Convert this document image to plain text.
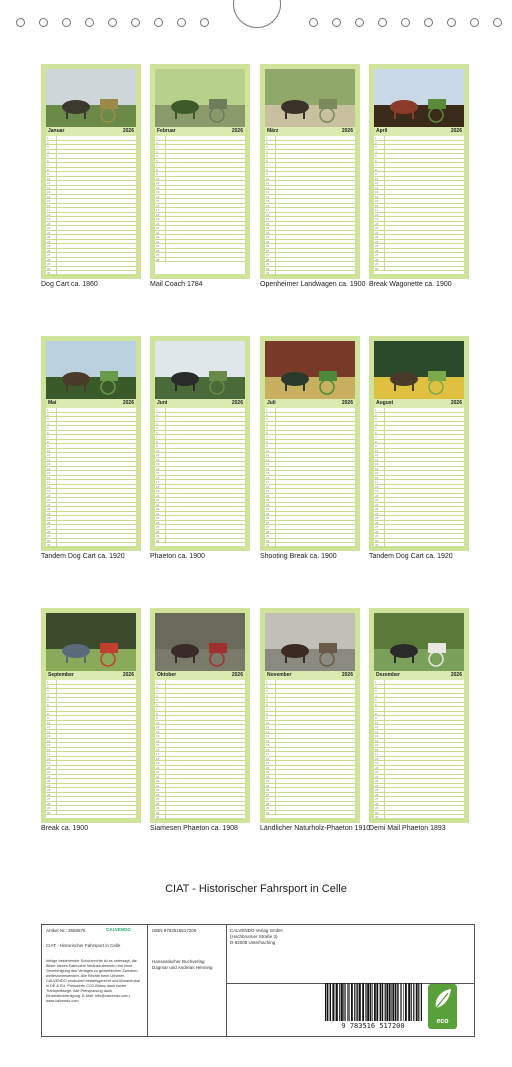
Januar	2026
1
2
3
4
5
6
7
8
9
10
11
12
13
14
15
16
17
18
19
20
21
22
23
24
25
26
27
28
29
30
31
Dog Cart ca. 1860
Februar	2026
1
2
3
4
5
6
7
8
9
10
11
12
13
14
15
16
17
18
19
20
21
22
23
24
25
26
27
28
Mail Coach 1784
März	2026
1
2
3
4
5
6
7
8
9
10
11
12
13
14
15
16
17
18
19
20
21
22
23
24
25
26
27
28
29
30
31
Openheimer Landwagen ca. 1900
April	2026
1
2
3
4
5
6
7
8
9
10
11
12
13
14
15
16
17
18
19
20
21
22
23
24
25
26
27
28
29
30
Break Wagonette ca. 1900
Mai	2026
1
2
3
4
5
6
7
8
9
10
11
12
13
14
15
16
17
18
19
20
21
22
23
24
25
26
27
28
29
30
31
Tandem Dog Cart ca. 1920
Juni	2026
1
2
3
4
5
6
7
8
9
10
11
12
13
14
15
16
17
18
19
20
21
22
23
24
25
26
27
28
29
30
Phaeton ca. 1900
Juli	2026
1
2
3
4
5
6
7
8
9
10
11
12
13
14
15
16
17
18
19
20
21
22
23
24
25
26
27
28
29
30
31
Shooting Break ca. 1900
August	2026
1
2
3
4
5
6
7
8
9
10
11
12
13
14
15
16
17
18
19
20
21
22
23
24
25
26
27
28
29
30
31
Tandem Dog Cart ca. 1920
September	2026
1
2
3
4
5
6
7
8
9
10
11
12
13
14
15
16
17
18
19
20
21
22
23
24
25
26
27
28
29
30
Break ca. 1900
Oktober	2026
1
2
3
4
5
6
7
8
9
10
11
12
13
14
15
16
17
18
19
20
21
22
23
24
25
26
27
28
29
30
31
Siamesen Phaeton ca. 1908
November	2026
1
2
3
4
5
6
7
8
9
10
11
12
13
14
15
16
17
18
19
20
21
22
23
24
25
26
27
28
29
30
Ländlicher Naturholz-Phaeton 1910
Dezember	2026
1
2
3
4
5
6
7
8
9
10
11
12
13
14
15
16
17
18
19
20
21
22
23
24
25
26
27
28
29
30
31
Demi Mail Phaeton 1893
CIAT - Historischer Fahrsport in Celle
Artikel Nr.: 3568676	CALVENDO
CIAT - Historischer Fahrsport in Celle
Infolge bestehender Schutzrechte ist es untersagt, die Bilder dieses Kalenders herauszutrennen und ohne Genehmigung des Verlages zu gewerblichen Zwecken weiterzuverwenden. Alle Rechte beim Urheber. CALVENDO produziert bedarfsgerecht und klimaneutral in DE & EU. Preiswerte CO2-Bilanz dank kurzer Transportwege. Alle Preisplanung dank Einzelstückfertigung. E-Mail: info@calvendo.com | www.calvendo.com
ISBN 9783516517200
Hanseatischer Buchverlag
Dagmar und Andreas Henning
CALVENDO Verlag GmbH
(Hochbrunner Straße 3)
D-82008 Unterhaching
9 783516 517200
eco
